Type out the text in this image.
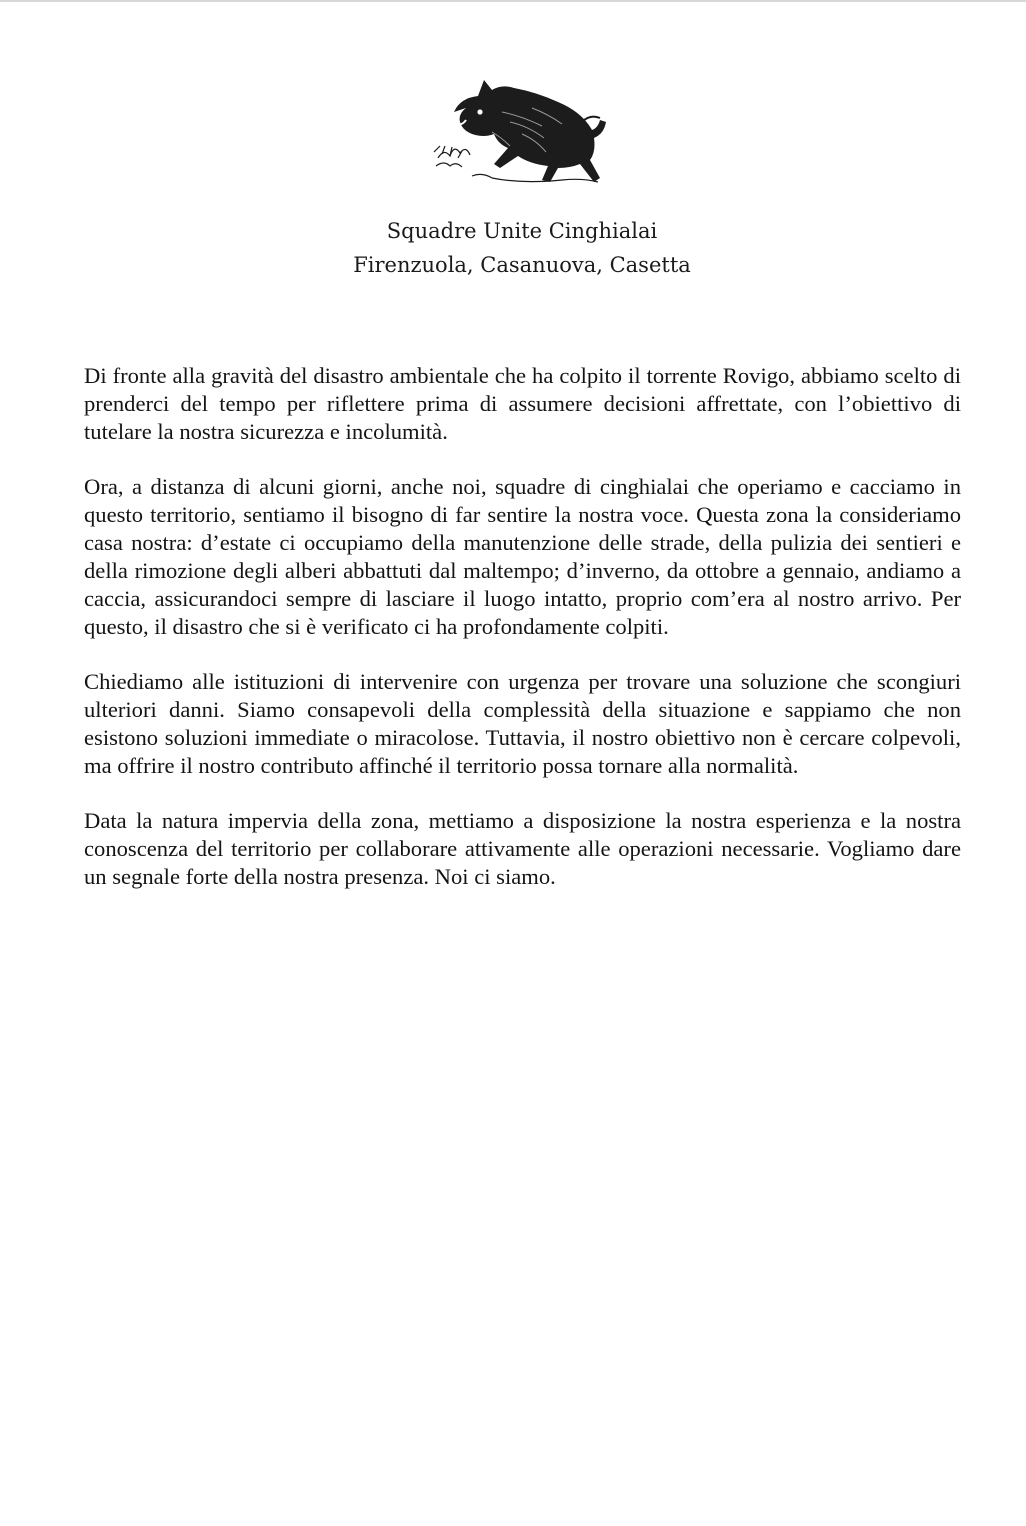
Squadre Unite Cinghialai
Firenzuola, Casanuova, Casetta

Di fronte alla gravità del disastro ambientale che ha colpito il torrente Rovigo, abbiamo scelto di prenderci del tempo per riflettere prima di assumere decisioni affrettate, con l’obiettivo di tutelare la nostra sicurezza e incolumità.

Ora, a distanza di alcuni giorni, anche noi, squadre di cinghialai che operiamo e cacciamo in questo territorio, sentiamo il bisogno di far sentire la nostra voce. Questa zona la consideriamo casa nostra: d’estate ci occupiamo della manutenzione delle strade, della pulizia dei sentieri e della rimozione degli alberi abbattuti dal maltempo; d’inverno, da ottobre a gennaio, andiamo a caccia, assicurandoci sempre di lasciare il luogo intatto, proprio com’era al nostro arrivo. Per questo, il disastro che si è verificato ci ha profondamente colpiti.

Chiediamo alle istituzioni di intervenire con urgenza per trovare una soluzione che scongiuri ulteriori danni. Siamo consapevoli della complessità della situazione e sappiamo che non esistono soluzioni immediate o miracolose. Tuttavia, il nostro obiettivo non è cercare colpevoli, ma offrire il nostro contributo affinché il territorio possa tornare alla normalità.

Data la natura impervia della zona, mettiamo a disposizione la nostra esperienza e la nostra conoscenza del territorio per collaborare attivamente alle operazioni necessarie. Vogliamo dare un segnale forte della nostra presenza. Noi ci siamo.
